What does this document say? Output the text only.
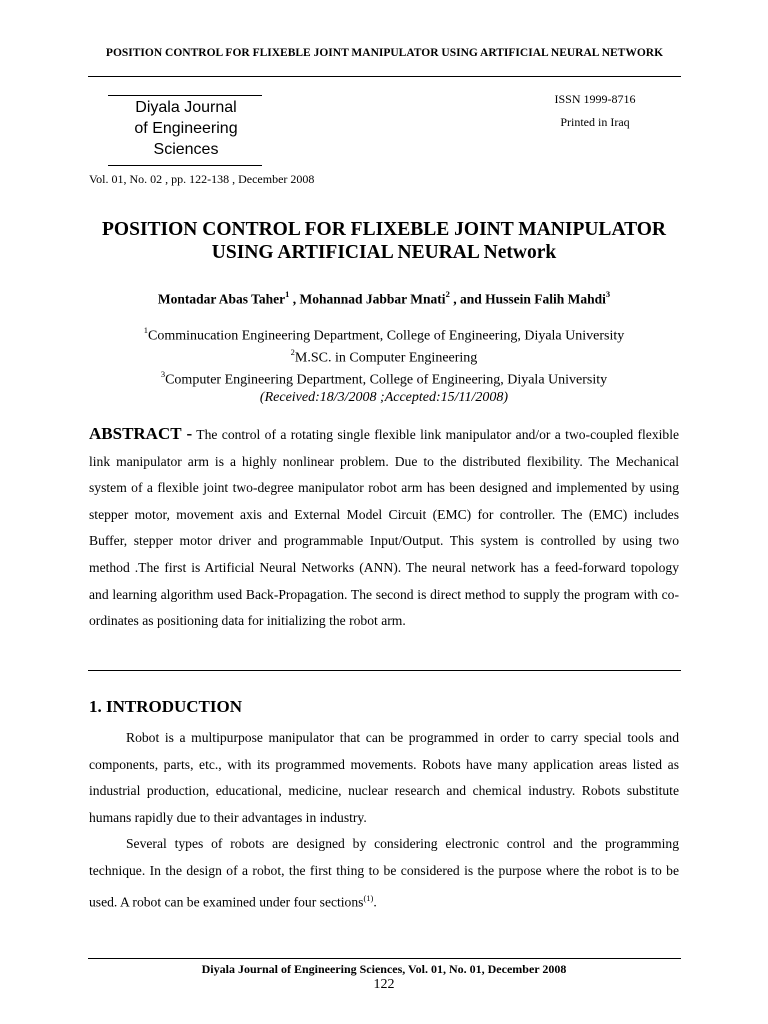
POSITION CONTROL FOR FLIXEBLE JOINT MANIPULATOR USING ARTIFICIAL NEURAL NETWORK
Diyala Journal
of Engineering
Sciences
ISSN 1999-8716
Printed in Iraq
Vol. 01, No. 02 , pp. 122-138 , December 2008
POSITION CONTROL FOR FLIXEBLE JOINT MANIPULATOR
USING ARTIFICIAL NEURAL Network
Montadar Abas Taher$^1$ , Mohannad Jabbar Mnati$^2$ , and Hussein Falih Mahdi$^3$
$^1$Comminucation Engineering Department, College of Engineering, Diyala University
$^2$M.SC. in Computer Engineering
$^3$Computer Engineering Department, College of Engineering, Diyala University
(Received:18/3/2008 ;Accepted:15/11/2008)
ABSTRACT - The control of a rotating single flexible link manipulator and/or a two-coupled flexible link manipulator arm is a highly nonlinear problem. Due to the distributed flexibility. The Mechanical system of a flexible joint two-degree manipulator robot arm has been designed and implemented by using stepper motor, movement axis and External Model Circuit (EMC) for controller. The (EMC) includes Buffer, stepper motor driver and programmable Input/Output. This system is controlled by using two method .The first is Artificial Neural Networks (ANN). The neural network has a feed-forward topology and learning algorithm used Back-Propagation. The second is direct method to supply the program with co-ordinates as positioning data for initializing the robot arm.
1. INTRODUCTION

Robot is a multipurpose manipulator that can be programmed in order to carry special tools and components, parts, etc., with its programmed movements. Robots have many application areas listed as industrial production, educational, medicine, nuclear research and chemical industry. Robots substitute humans rapidly due to their advantages in industry.

Several types of robots are designed by considering electronic control and the programming technique. In the design of a robot, the first thing to be considered is the purpose where the robot is to be used. A robot can be examined under four sections$^{(1)}$.

Diyala Journal of Engineering Sciences, Vol. 01, No. 01, December 2008
122
